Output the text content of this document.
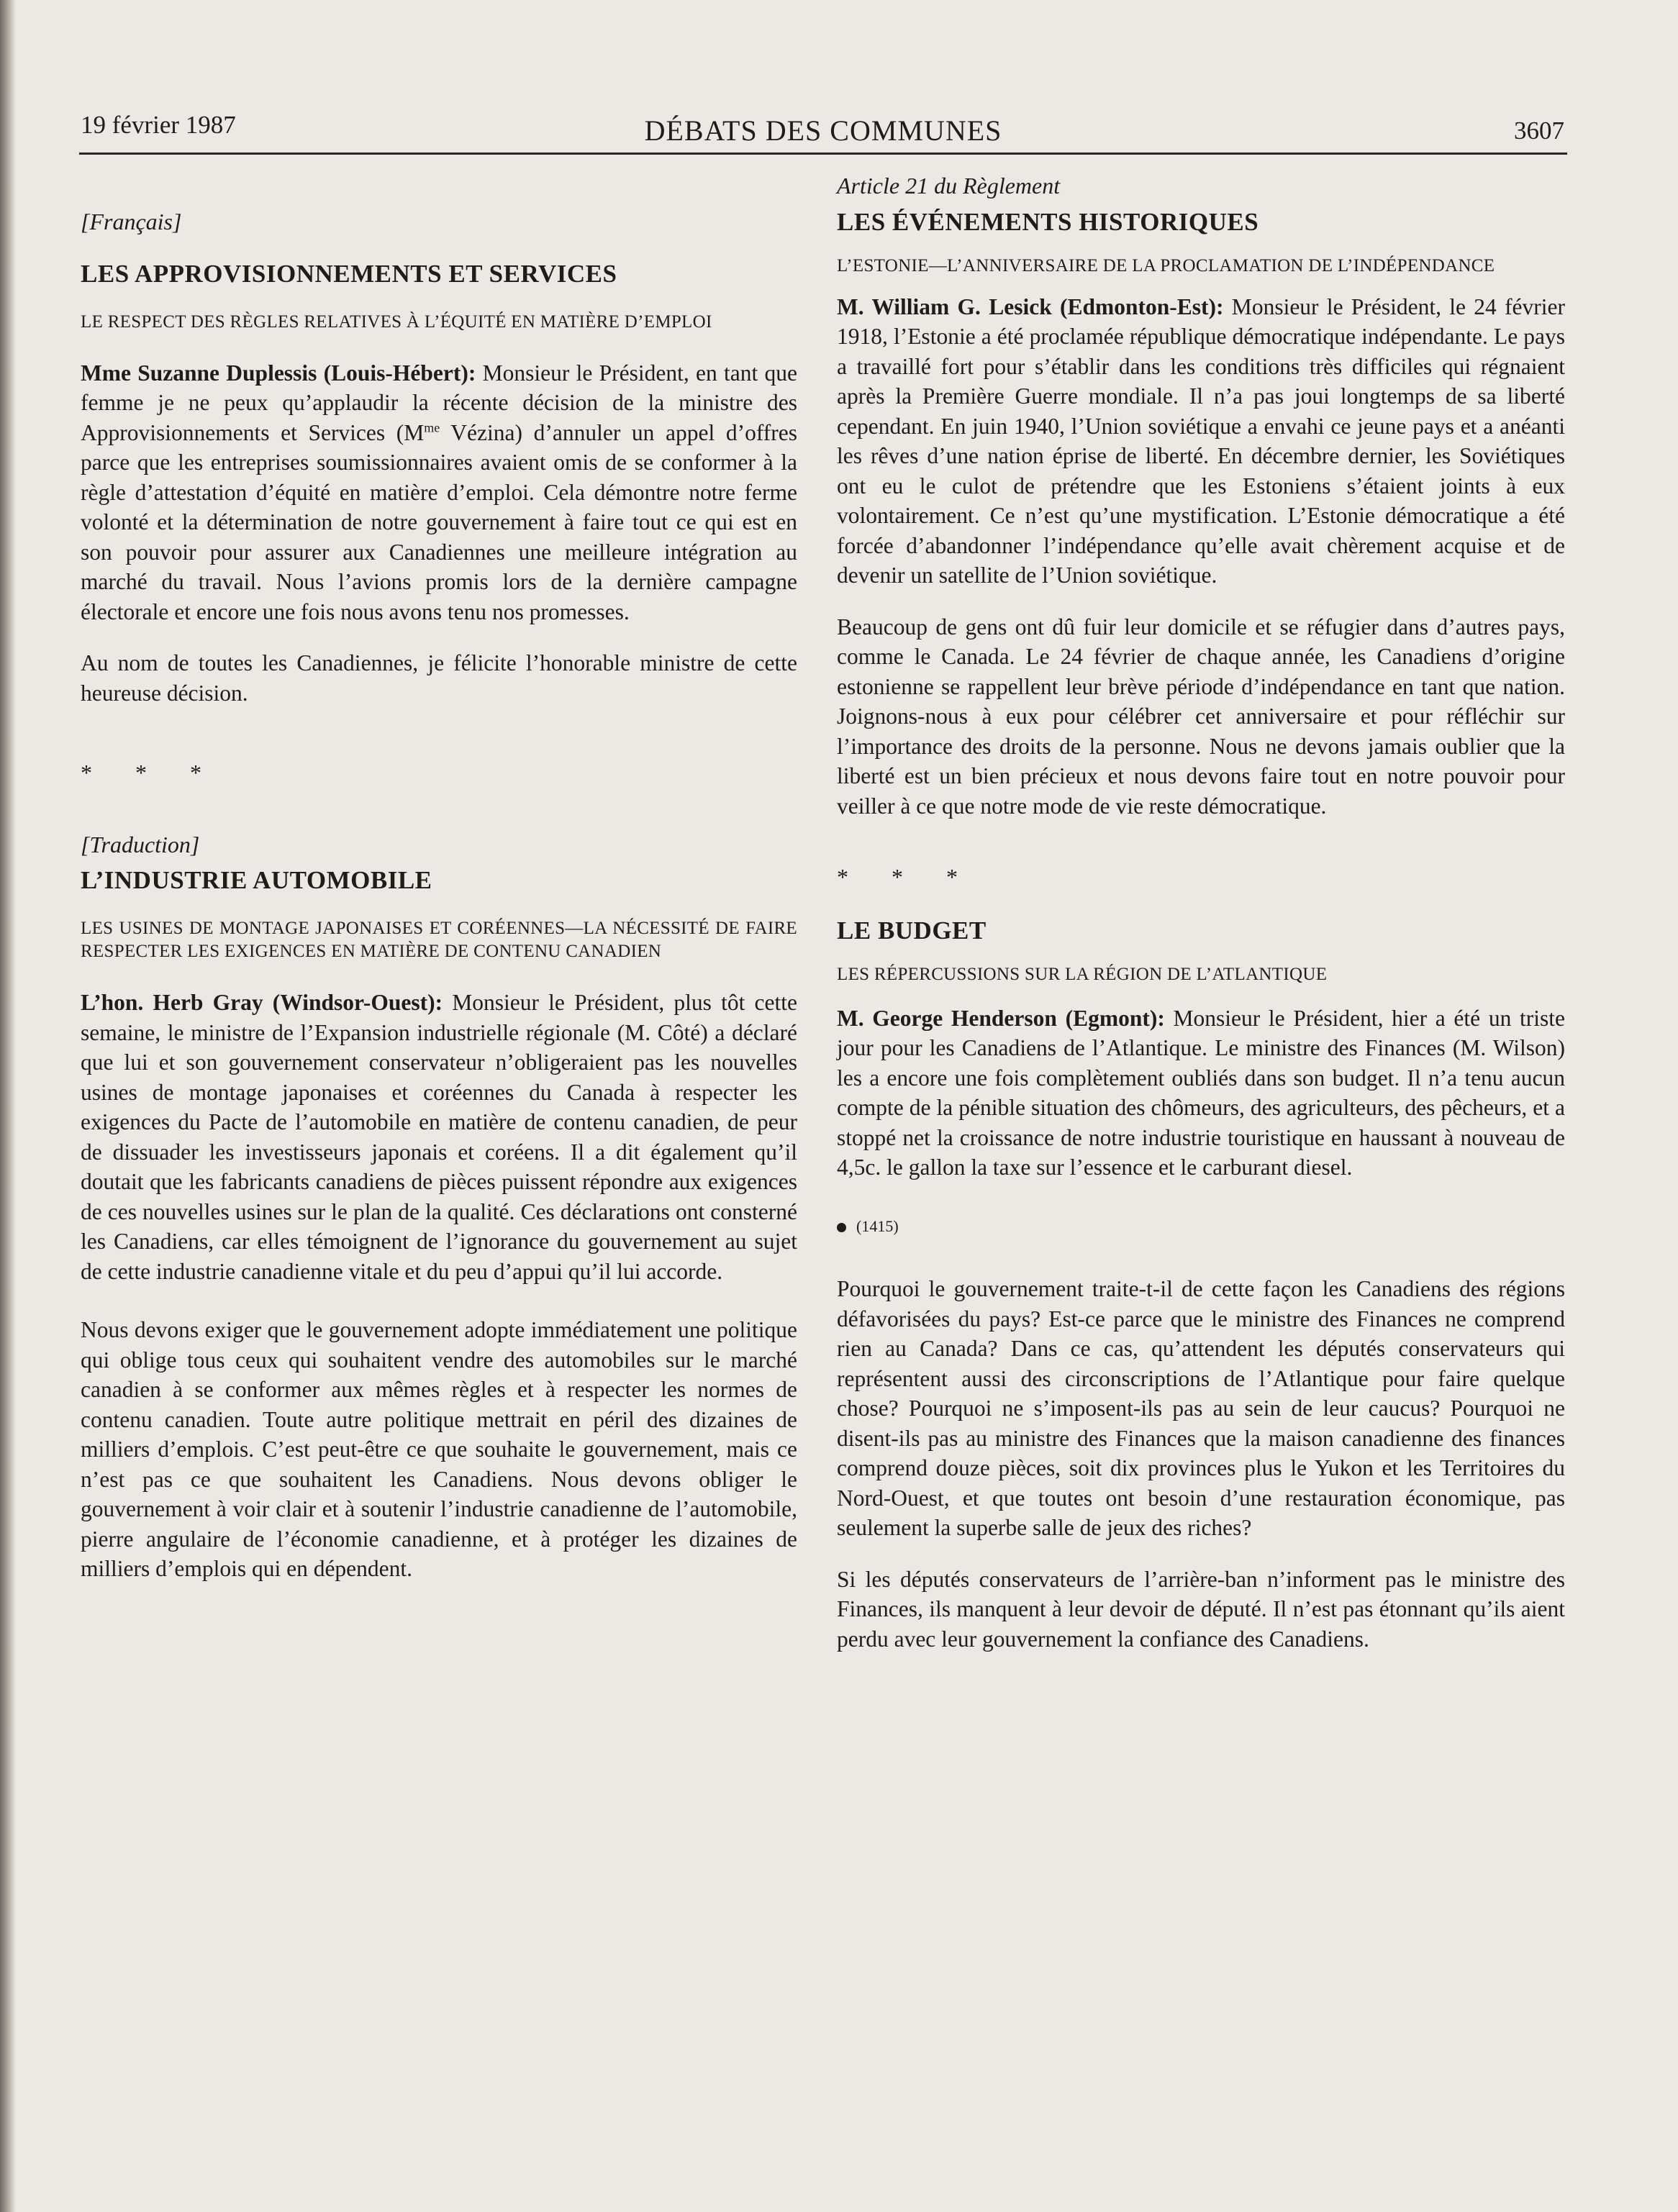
19 février 1987	DÉBATS DES COMMUNES	3607

[Français]

LES APPROVISIONNEMENTS ET SERVICES

LE RESPECT DES RÈGLES RELATIVES À L’ÉQUITÉ EN MATIÈRE D’EMPLOI

Mme Suzanne Duplessis (Louis-Hébert): Monsieur le Président, en tant que femme je ne peux qu’applaudir la récente décision de la ministre des Approvisionnements et Services ($M^{me}$ Vézina) d’annuler un appel d’offres parce que les entreprises soumissionnaires avaient omis de se conformer à la règle d’attestation d’équité en matière d’emploi. Cela démontre notre ferme volonté et la détermination de notre gouvernement à faire tout ce qui est en son pouvoir pour assurer aux Canadiennes une meilleure intégration au marché du travail. Nous l’avions promis lors de la dernière campagne électorale et encore une fois nous avons tenu nos promesses.

Au nom de toutes les Canadiennes, je félicite l’honorable ministre de cette heureuse décision.

* * *

[Traduction]

L’INDUSTRIE AUTOMOBILE

LES USINES DE MONTAGE JAPONAISES ET CORÉENNES—LA NÉCESSITÉ DE FAIRE RESPECTER LES EXIGENCES EN MATIÈRE DE CONTENU CANADIEN

L’hon. Herb Gray (Windsor-Ouest): Monsieur le Président, plus tôt cette semaine, le ministre de l’Expansion industrielle régionale (M. Côté) a déclaré que lui et son gouvernement conservateur n’obligeraient pas les nouvelles usines de montage japonaises et coréennes du Canada à respecter les exigences du Pacte de l’automobile en matière de contenu canadien, de peur de dissuader les investisseurs japonais et coréens. Il a dit également qu’il doutait que les fabricants canadiens de pièces puissent répondre aux exigences de ces nouvelles usines sur le plan de la qualité. Ces déclarations ont consterné les Canadiens, car elles témoignent de l’ignorance du gouvernement au sujet de cette industrie canadienne vitale et du peu d’appui qu’il lui accorde.

Nous devons exiger que le gouvernement adopte immédiatement une politique qui oblige tous ceux qui souhaitent vendre des automobiles sur le marché canadien à se conformer aux mêmes règles et à respecter les normes de contenu canadien. Toute autre politique mettrait en péril des dizaines de milliers d’emplois. C’est peut-être ce que souhaite le gouvernement, mais ce n’est pas ce que souhaitent les Canadiens. Nous devons obliger le gouvernement à voir clair et à soutenir l’industrie canadienne de l’automobile, pierre angulaire de l’économie canadienne, et à protéger les dizaines de milliers d’emplois qui en dépendent.

Article 21 du Règlement

LES ÉVÉNEMENTS HISTORIQUES

L’ESTONIE—L’ANNIVERSAIRE DE LA PROCLAMATION DE L’INDÉPENDANCE

M. William G. Lesick (Edmonton-Est): Monsieur le Président, le 24 février 1918, l’Estonie a été proclamée république démocratique indépendante. Le pays a travaillé fort pour s’établir dans les conditions très difficiles qui régnaient après la Première Guerre mondiale. Il n’a pas joui longtemps de sa liberté cependant. En juin 1940, l’Union soviétique a envahi ce jeune pays et a anéanti les rêves d’une nation éprise de liberté. En décembre dernier, les Soviétiques ont eu le culot de prétendre que les Estoniens s’étaient joints à eux volontairement. Ce n’est qu’une mystification. L’Estonie démocratique a été forcée d’abandonner l’indépendance qu’elle avait chèrement acquise et de devenir un satellite de l’Union soviétique.

Beaucoup de gens ont dû fuir leur domicile et se réfugier dans d’autres pays, comme le Canada. Le 24 février de chaque année, les Canadiens d’origine estonienne se rappellent leur brève période d’indépendance en tant que nation. Joignons-nous à eux pour célébrer cet anniversaire et pour réfléchir sur l’importance des droits de la personne. Nous ne devons jamais oublier que la liberté est un bien précieux et nous devons faire tout en notre pouvoir pour veiller à ce que notre mode de vie reste démocratique.

* * *

LE BUDGET

LES RÉPERCUSSIONS SUR LA RÉGION DE L’ATLANTIQUE

M. George Henderson (Egmont): Monsieur le Président, hier a été un triste jour pour les Canadiens de l’Atlantique. Le ministre des Finances (M. Wilson) les a encore une fois complètement oubliés dans son budget. Il n’a tenu aucun compte de la pénible situation des chômeurs, des agriculteurs, des pêcheurs, et a stoppé net la croissance de notre industrie touristique en haussant à nouveau de 4,5c. le gallon la taxe sur l’essence et le carburant diesel.

(1415)

Pourquoi le gouvernement traite-t-il de cette façon les Canadiens des régions défavorisées du pays? Est-ce parce que le ministre des Finances ne comprend rien au Canada? Dans ce cas, qu’attendent les députés conservateurs qui représentent aussi des circonscriptions de l’Atlantique pour faire quelque chose? Pourquoi ne s’imposent-ils pas au sein de leur caucus? Pourquoi ne disent-ils pas au ministre des Finances que la maison canadienne des finances comprend douze pièces, soit dix provinces plus le Yukon et les Territoires du Nord-Ouest, et que toutes ont besoin d’une restauration économique, pas seulement la superbe salle de jeux des riches?

Si les députés conservateurs de l’arrière-ban n’informent pas le ministre des Finances, ils manquent à leur devoir de député. Il n’est pas étonnant qu’ils aient perdu avec leur gouvernement la confiance des Canadiens.
